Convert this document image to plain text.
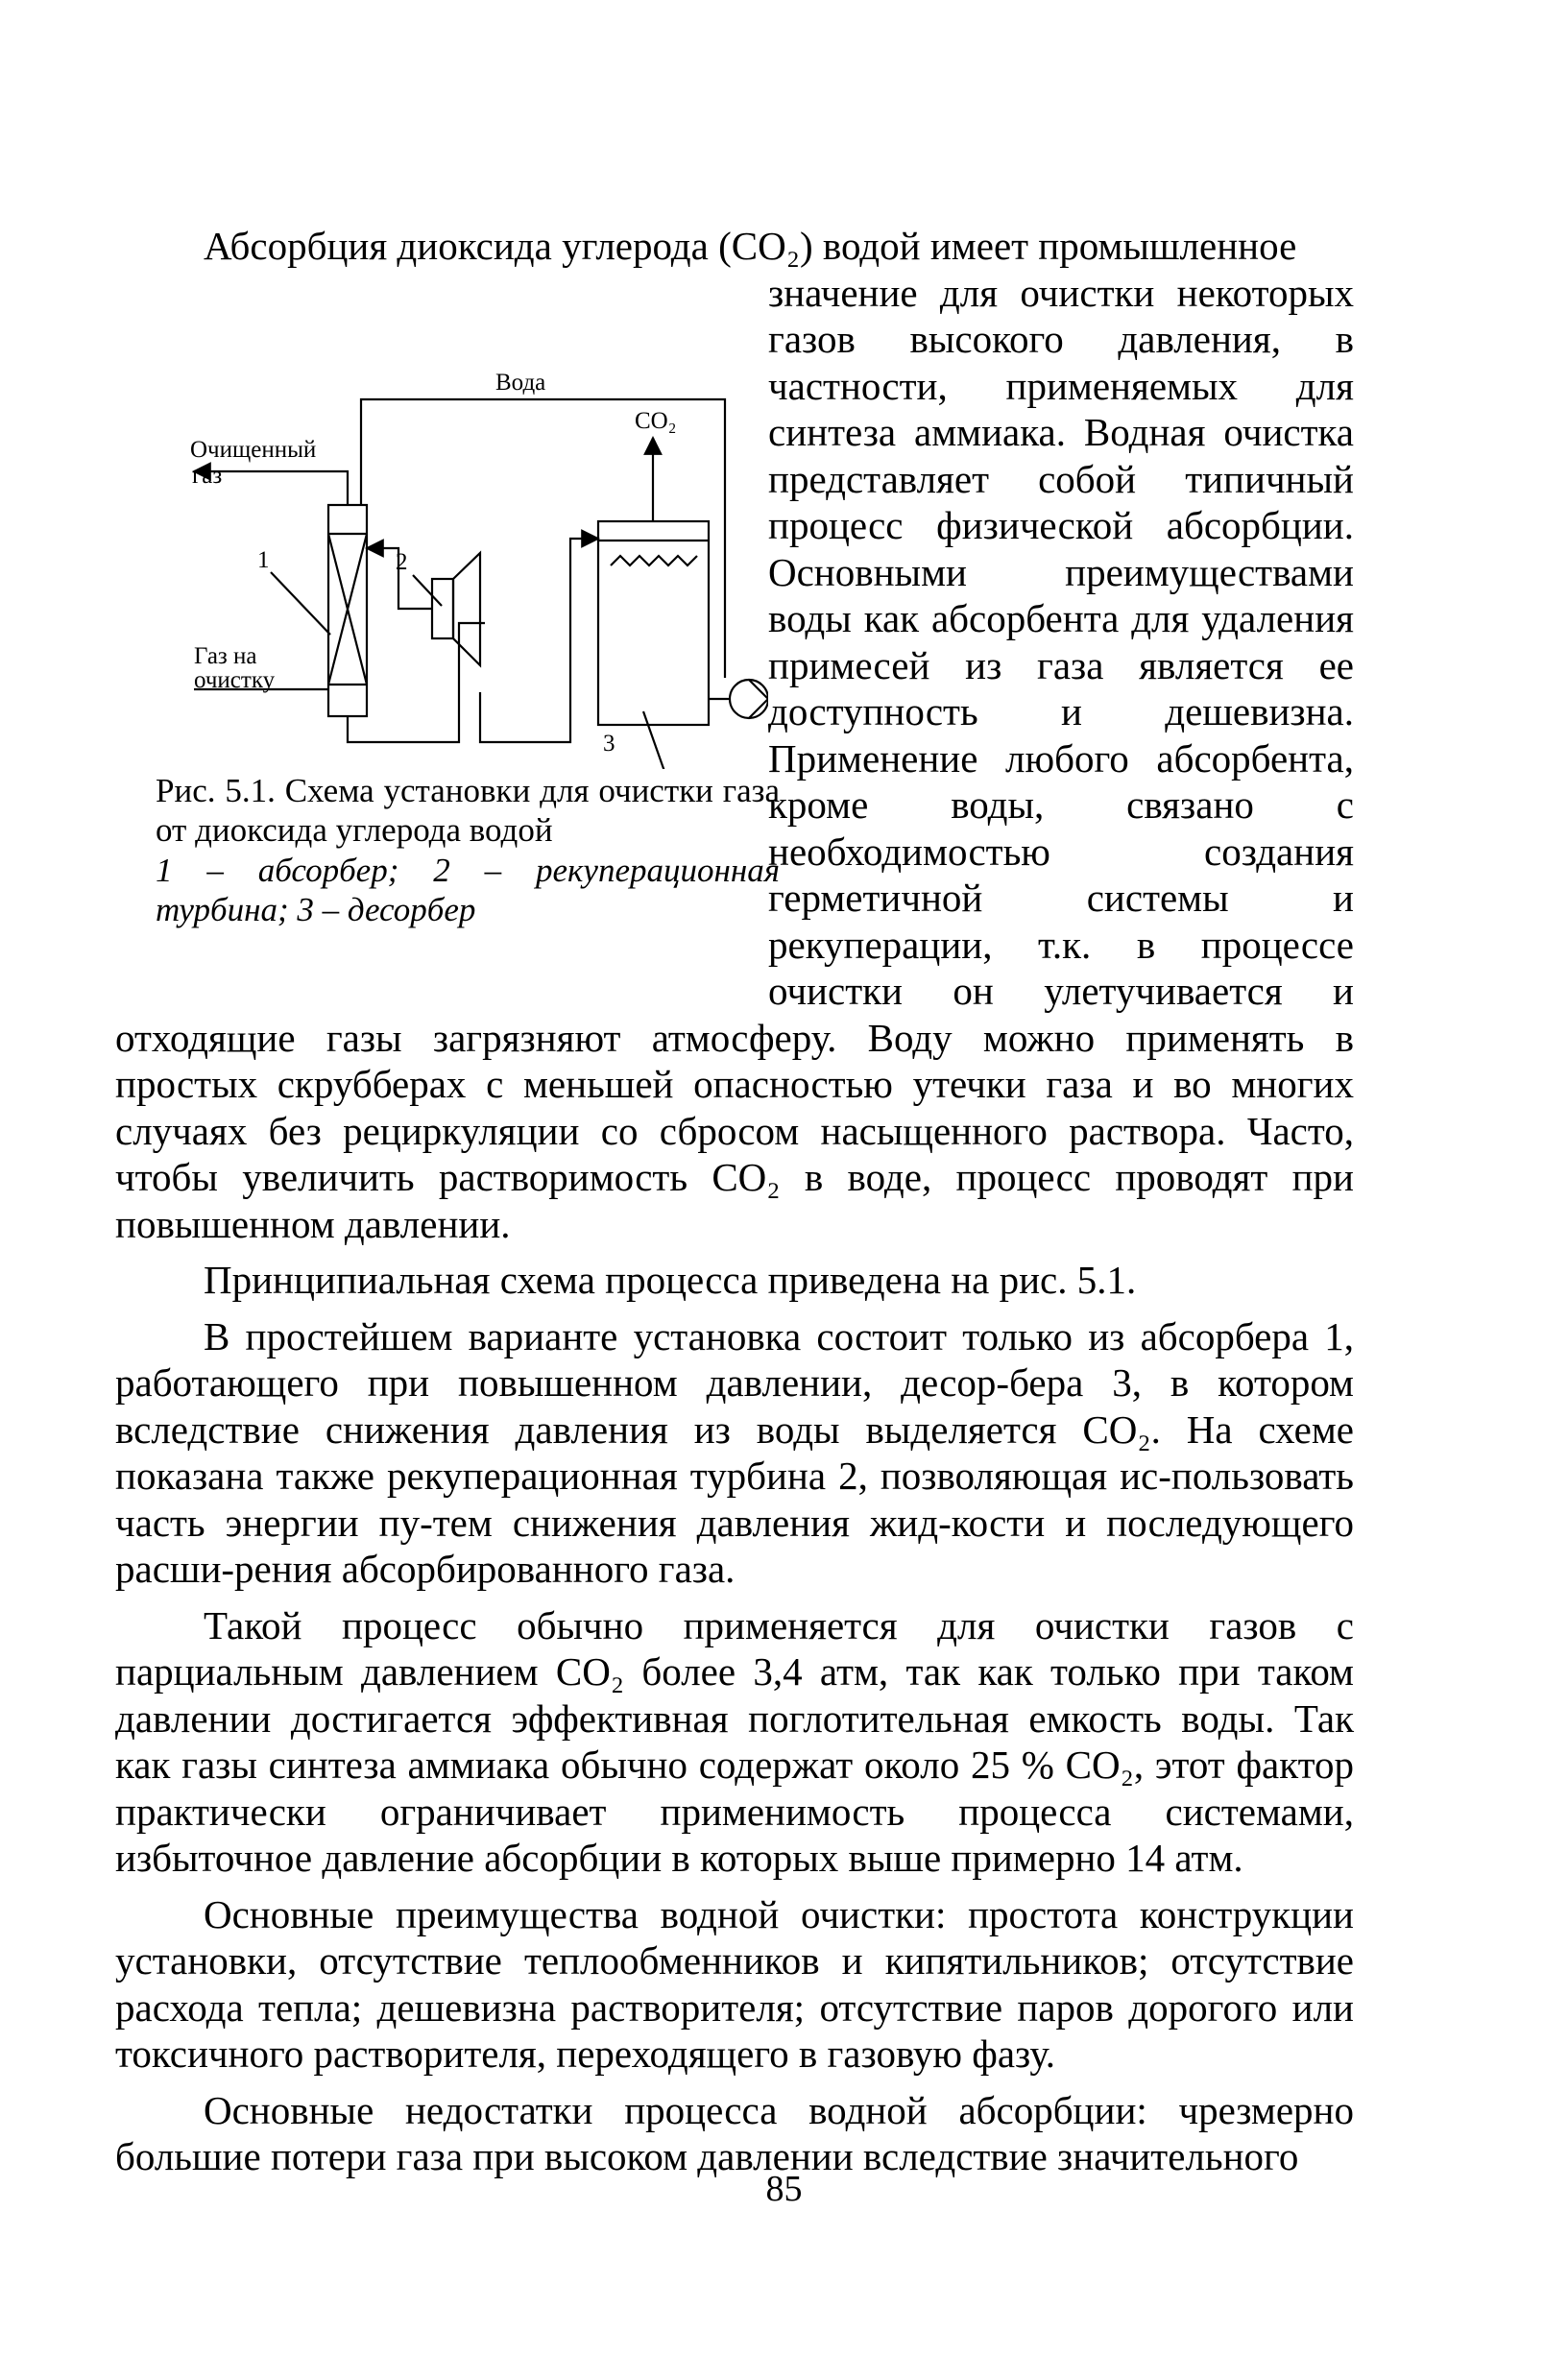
Абсорбция диоксида углерода (CO₂) водой имеет промышленное

Вода
CO₂
Очищенный
газ
Газ на
очистку
1	2
3
Рис. 5.1. Схема установки для очистки газа от диоксида углерода водой
1 – абсорбер; 2 – рекуперационная турбина; 3 – десорбер

значение для очистки некоторых газов высокого давления, в частности, применяемых для синтеза аммиака. Водная очистка представляет собой типичный процесс физической абсорбции. Основными преимуществами воды как абсорбента для удаления примесей из газа является ее доступность и дешевизна. Применение любого абсорбента, кроме воды, связано с необходимостью создания герметичной системы и рекуперации, т.к. в процессе очистки он улетучивается и отходящие газы загрязняют атмосферу. Воду можно применять в простых скрубберах с меньшей опасностью утечки газа и во многих случаях без рециркуляции со сбросом насыщенного раствора. Часто, чтобы увеличить растворимость CO₂ в воде, процесс проводят при повышенном давлении.

Принципиальная схема процесса приведена на рис. 5.1.

В простейшем варианте установка состоит только из абсорбера 1, работающего при повышенном давлении, десор-бера 3, в котором вследствие снижения давления из воды выделяется CO₂. На схеме показана также рекуперационная турбина 2, позволяющая ис-пользовать часть энергии пу-тем снижения давления жид-кости и последующего расши-рения абсорбированного газа.

Такой процесс обычно применяется для очистки газов с парциальным давлением CO₂ более 3,4 атм, так как только при таком давлении достигается эффективная поглотительная емкость воды. Так как газы синтеза аммиака обычно содержат около 25 % CO₂, этот фактор практически ограничивает применимость процесса системами, избыточное давление абсорбции в которых выше примерно 14 атм.

Основные преимущества водной очистки: простота конструкции установки, отсутствие теплообменников и кипятильников; отсутствие расхода тепла; дешевизна растворителя; отсутствие паров дорогого или токсичного растворителя, переходящего в газовую фазу.

Основные недостатки процесса водной абсорбции: чрезмерно большие потери газа при высоком давлении вследствие значительного

85
